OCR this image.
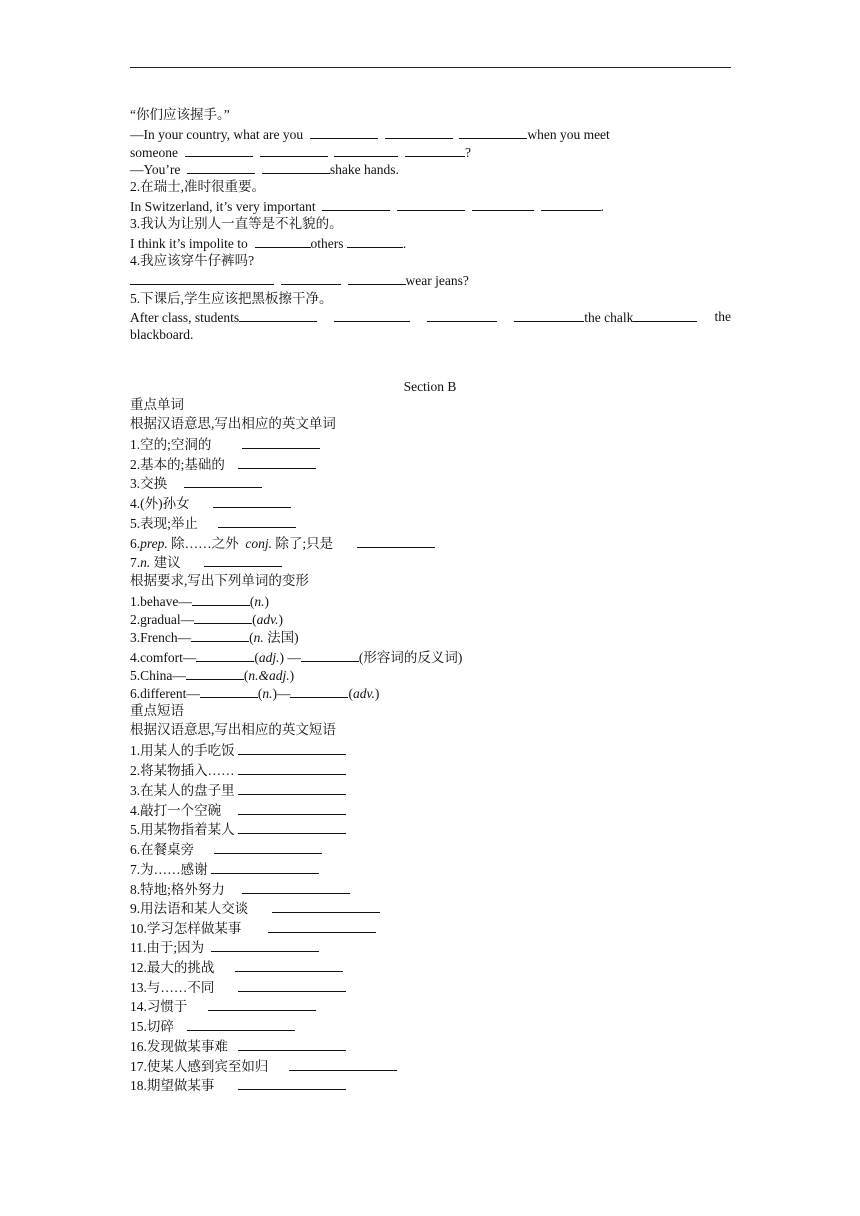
“你们应该握手。”
—In your country, what are you	when you meet
someone	?
—You’re	shake hands.
2.在瑞士,准时很重要。
In Switzerland, it’s very important	.
3.我认为让别人一直等是不礼貌的。
I think it’s impolite to	others	.
4.我应该穿牛仔裤吗?
wear jeans?
5.下课后,学生应该把黑板擦干净。
After class, students	the chalk	the
blackboard.
Section B
重点单词
根据汉语意思,写出相应的英文单词
1.空的;空洞的
2.基本的;基础的
3.交换
4.(外)孙女
5.表现;举止
6.prep. 除……之外  conj. 除了;只是
7.n. 建议
根据要求,写出下列单词的变形
1.behave—	(n.)
2.gradual—	(adv.)
3.French—	(n. 法国)
4.comfort—	(adj.) —	(形容词的反义词)
5.China—	(n.&adj.)
6.different—	(n.)—	(adv.)
重点短语
根据汉语意思,写出相应的英文短语
1.用某人的手吃饭
2.将某物插入……
3.在某人的盘子里
4.敲打一个空碗
5.用某物指着某人
6.在餐桌旁
7.为……感谢
8.特地;格外努力
9.用法语和某人交谈
10.学习怎样做某事
11.由于;因为
12.最大的挑战
13.与……不同
14.习惯于
15.切碎
16.发现做某事难
17.使某人感到宾至如归
18.期望做某事
